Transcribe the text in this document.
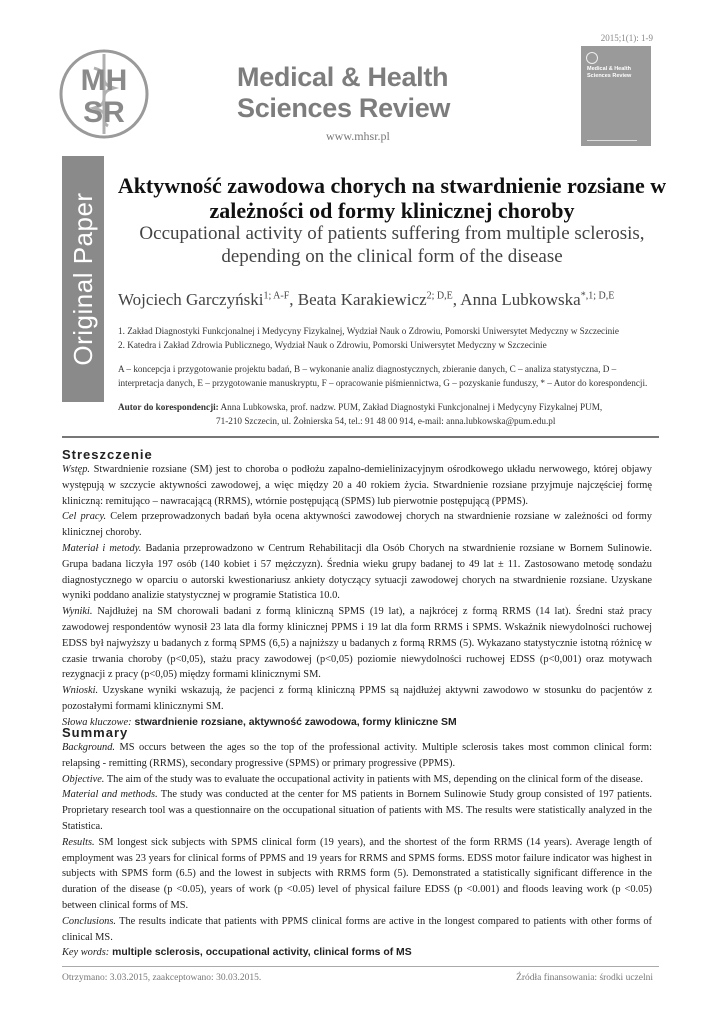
2015;1(1): 1-9
MH
SR
Medical & Health
Sciences Review
www.mhsr.pl
Medical & Health Sciences Review
Original Paper
Aktywność zawodowa chorych na stwardnienie rozsiane w zależności od formy klinicznej choroby
Occupational activity of patients suffering from multiple sclerosis, depending on the clinical form of the disease
Wojciech Garczyński$^{1; A-F}$, Beata Karakiewicz$^{2; D,E}$, Anna Lubkowska$^{*,1; D,E}$
1. Zakład Diagnostyki Funkcjonalnej i Medycyny Fizykalnej, Wydział Nauk o Zdrowiu, Pomorski Uniwersytet Medyczny w Szczecinie
2. Katedra i Zakład Zdrowia Publicznego, Wydział Nauk o Zdrowiu, Pomorski Uniwersytet Medyczny w Szczecinie
A – koncepcja i przygotowanie projektu badań, B – wykonanie analiz diagnostycznych, zbieranie danych, C – analiza statystyczna, D – interpretacja danych, E – przygotowanie manuskryptu, F – opracowanie piśmiennictwa, G – pozyskanie funduszy, * – Autor do korespondencji.
Autor do korespondencji: Anna Lubkowska, prof. nadzw. PUM, Zakład Diagnostyki Funkcjonalnej i Medycyny Fizykalnej PUM,
71-210 Szczecin, ul. Żołnierska 54, tel.: 91 48 00 914, e-mail: anna.lubkowska@pum.edu.pl
Streszczenie

Wstęp. Stwardnienie rozsiane (SM) jest to choroba o podłożu zapalno-demielinizacyjnym ośrodkowego układu nerwowego, której objawy występują w szczycie aktywności zawodowej, a więc między 20 a 40 rokiem życia. Stwardnienie rozsiane przyjmuje najczęściej formę kliniczną: remitująco – nawracającą (RRMS), wtórnie postępującą (SPMS) lub pierwotnie postępującą (PPMS).

Cel pracy. Celem przeprowadzonych badań była ocena aktywności zawodowej chorych na stwardnienie rozsiane w zależności od formy klinicznej choroby.

Materiał i metody. Badania przeprowadzono w Centrum Rehabilitacji dla Osób Chorych na stwardnienie rozsiane w Bornem Sulinowie. Grupa badana liczyła 197 osób (140 kobiet i 57 mężczyzn). Średnia wieku grupy badanej to 49 lat ± 11. Zastosowano metodę sondażu diagnostycznego w oparciu o autorski kwestionariusz ankiety dotyczący sytuacji zawodowej chorych na stwardnienie rozsiane. Uzyskane wyniki poddano analizie statystycznej w programie Statistica 10.0.

Wyniki. Najdłużej na SM chorowali badani z formą kliniczną SPMS (19 lat), a najkrócej z formą RRMS (14 lat). Średni staż pracy zawodowej respondentów wynosił 23 lata dla formy klinicznej PPMS i 19 lat dla form RRMS i SPMS. Wskaźnik niewydolności ruchowej EDSS był najwyższy u badanych z formą SPMS (6,5) a najniższy u badanych z formą RRMS (5). Wykazano statystycznie istotną różnicę w czasie trwania choroby (p<0,05), stażu pracy zawodowej (p<0,05) poziomie niewydolności ruchowej EDSS (p<0,001) oraz motywach rezygnacji z pracy (p<0,05) między formami klinicznymi SM.

Wnioski. Uzyskane wyniki wskazują, że pacjenci z formą kliniczną PPMS są najdłużej aktywni zawodowo w stosunku do pacjentów z pozostałymi formami klinicznymi SM.

Słowa kluczowe: stwardnienie rozsiane, aktywność zawodowa, formy kliniczne SM

Summary

Background. MS occurs between the ages so the top of the professional activity. Multiple sclerosis takes most common clinical form: relapsing - remitting (RRMS), secondary progressive (SPMS) or primary progressive (PPMS).

Objective. The aim of the study was to evaluate the occupational activity in patients with MS, depending on the clinical form of the disease.

Material and methods. The study was conducted at the center for MS patients in Bornem Sulinowie Study group consisted of 197 patients. Proprietary research tool was a questionnaire on the occupational situation of patients with MS. The results were statistically analyzed in the Statistica.

Results. SM longest sick subjects with SPMS clinical form (19 years), and the shortest of the form RRMS (14 years). Average length of employment was 23 years for clinical forms of PPMS and 19 years for RRMS and SPMS forms. EDSS motor failure indicator was highest in subjects with SPMS form (6.5) and the lowest in subjects with RRMS form (5). Demonstrated a statistically significant difference in the duration of the disease (p <0.05), years of work (p <0.05) level of physical failure EDSS (p <0.001) and floods leaving work (p <0.05) between clinical forms of MS.

Conclusions. The results indicate that patients with PPMS clinical forms are active in the longest compared to patients with other forms of clinical MS.

Key words: multiple sclerosis, occupational activity, clinical forms of MS

Otrzymano: 3.03.2015, zaakceptowano: 30.03.2015.	Źródła finansowania: środki uczelni
